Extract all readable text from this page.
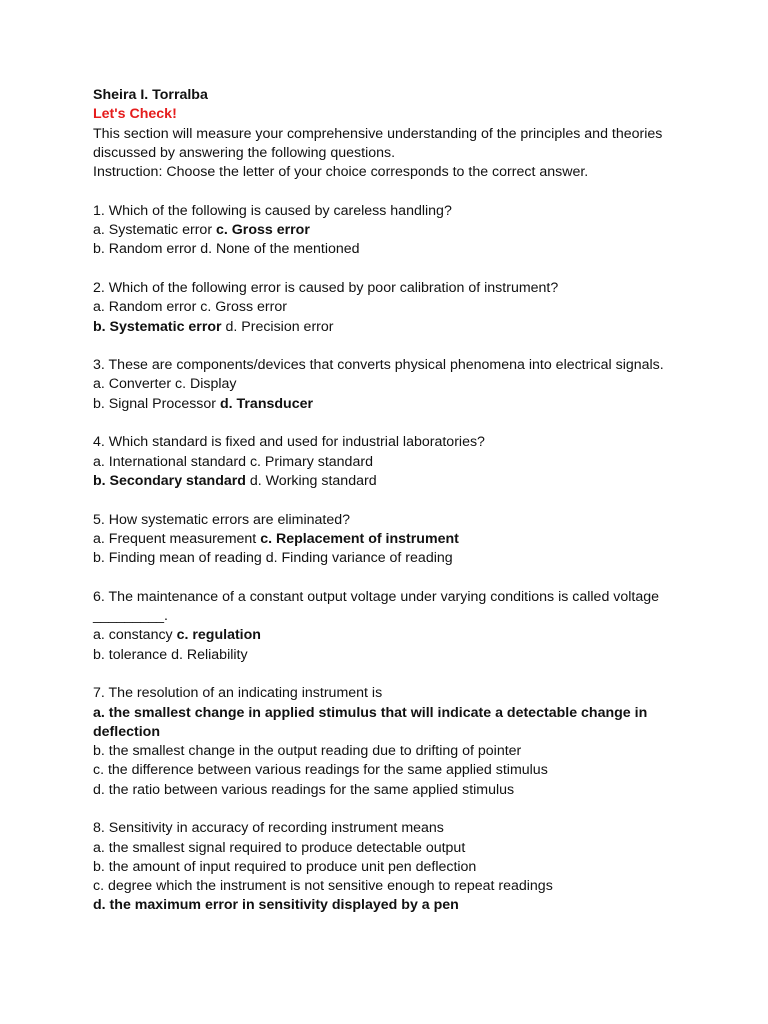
Sheira I. Torralba
Let's Check!
This section will measure your comprehensive understanding of the principles and theories discussed by answering the following questions.
Instruction: Choose the letter of your choice corresponds to the correct answer.
1. Which of the following is caused by careless handling?
a. Systematic error c. Gross error
b. Random error d. None of the mentioned
2. Which of the following error is caused by poor calibration of instrument?
a. Random error c. Gross error
b. Systematic error d. Precision error
3. These are components/devices that converts physical phenomena into electrical signals.
a. Converter c. Display
b. Signal Processor d. Transducer
4. Which standard is fixed and used for industrial laboratories?
a. International standard c. Primary standard
b. Secondary standard d. Working standard
5. How systematic errors are eliminated?
a. Frequent measurement c. Replacement of instrument
b. Finding mean of reading d. Finding variance of reading
6. The maintenance of a constant output voltage under varying conditions is called voltage _________.
a. constancy c. regulation
b. tolerance d. Reliability
7. The resolution of an indicating instrument is
a. the smallest change in applied stimulus that will indicate a detectable change in deflection
b. the smallest change in the output reading due to drifting of pointer
c. the difference between various readings for the same applied stimulus
d. the ratio between various readings for the same applied stimulus
8. Sensitivity in accuracy of recording instrument means
a. the smallest signal required to produce detectable output
b. the amount of input required to produce unit pen deflection
c. degree which the instrument is not sensitive enough to repeat readings
d. the maximum error in sensitivity displayed by a pen
